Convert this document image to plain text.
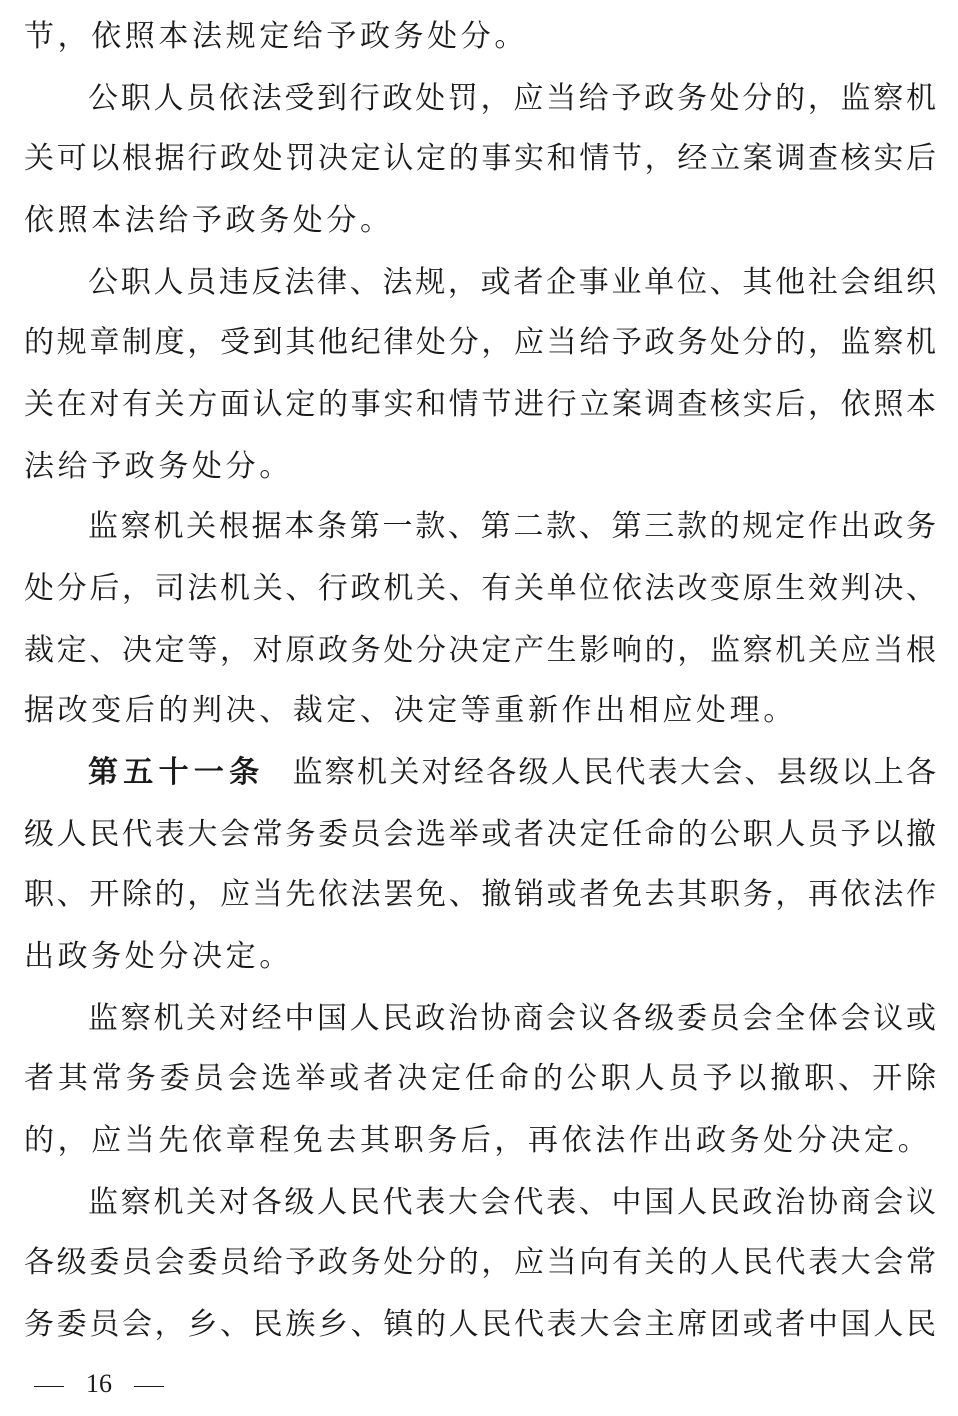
节，依照本法规定给予政务处分。
公职人员依法受到行政处罚，应当给予政务处分的，监察机
关可以根据行政处罚决定认定的事实和情节，经立案调查核实后
依照本法给予政务处分。
公职人员违反法律、法规，或者企事业单位、其他社会组织
的规章制度，受到其他纪律处分，应当给予政务处分的，监察机
关在对有关方面认定的事实和情节进行立案调查核实后，依照本
法给予政务处分。
监察机关根据本条第一款、第二款、第三款的规定作出政务
处分后，司法机关、行政机关、有关单位依法改变原生效判决、
裁定、决定等，对原政务处分决定产生影响的，监察机关应当根
据改变后的判决、裁定、决定等重新作出相应处理。
第五十一条 监察机关对经各级人民代表大会、县级以上各
级人民代表大会常务委员会选举或者决定任命的公职人员予以撤
职、开除的，应当先依法罢免、撤销或者免去其职务，再依法作
出政务处分决定。
监察机关对经中国人民政治协商会议各级委员会全体会议或
者其常务委员会选举或者决定任命的公职人员予以撤职、开除
的，应当先依章程免去其职务后，再依法作出政务处分决定。
监察机关对各级人民代表大会代表、中国人民政治协商会议
各级委员会委员给予政务处分的，应当向有关的人民代表大会常
务委员会，乡、民族乡、镇的人民代表大会主席团或者中国人民
16
